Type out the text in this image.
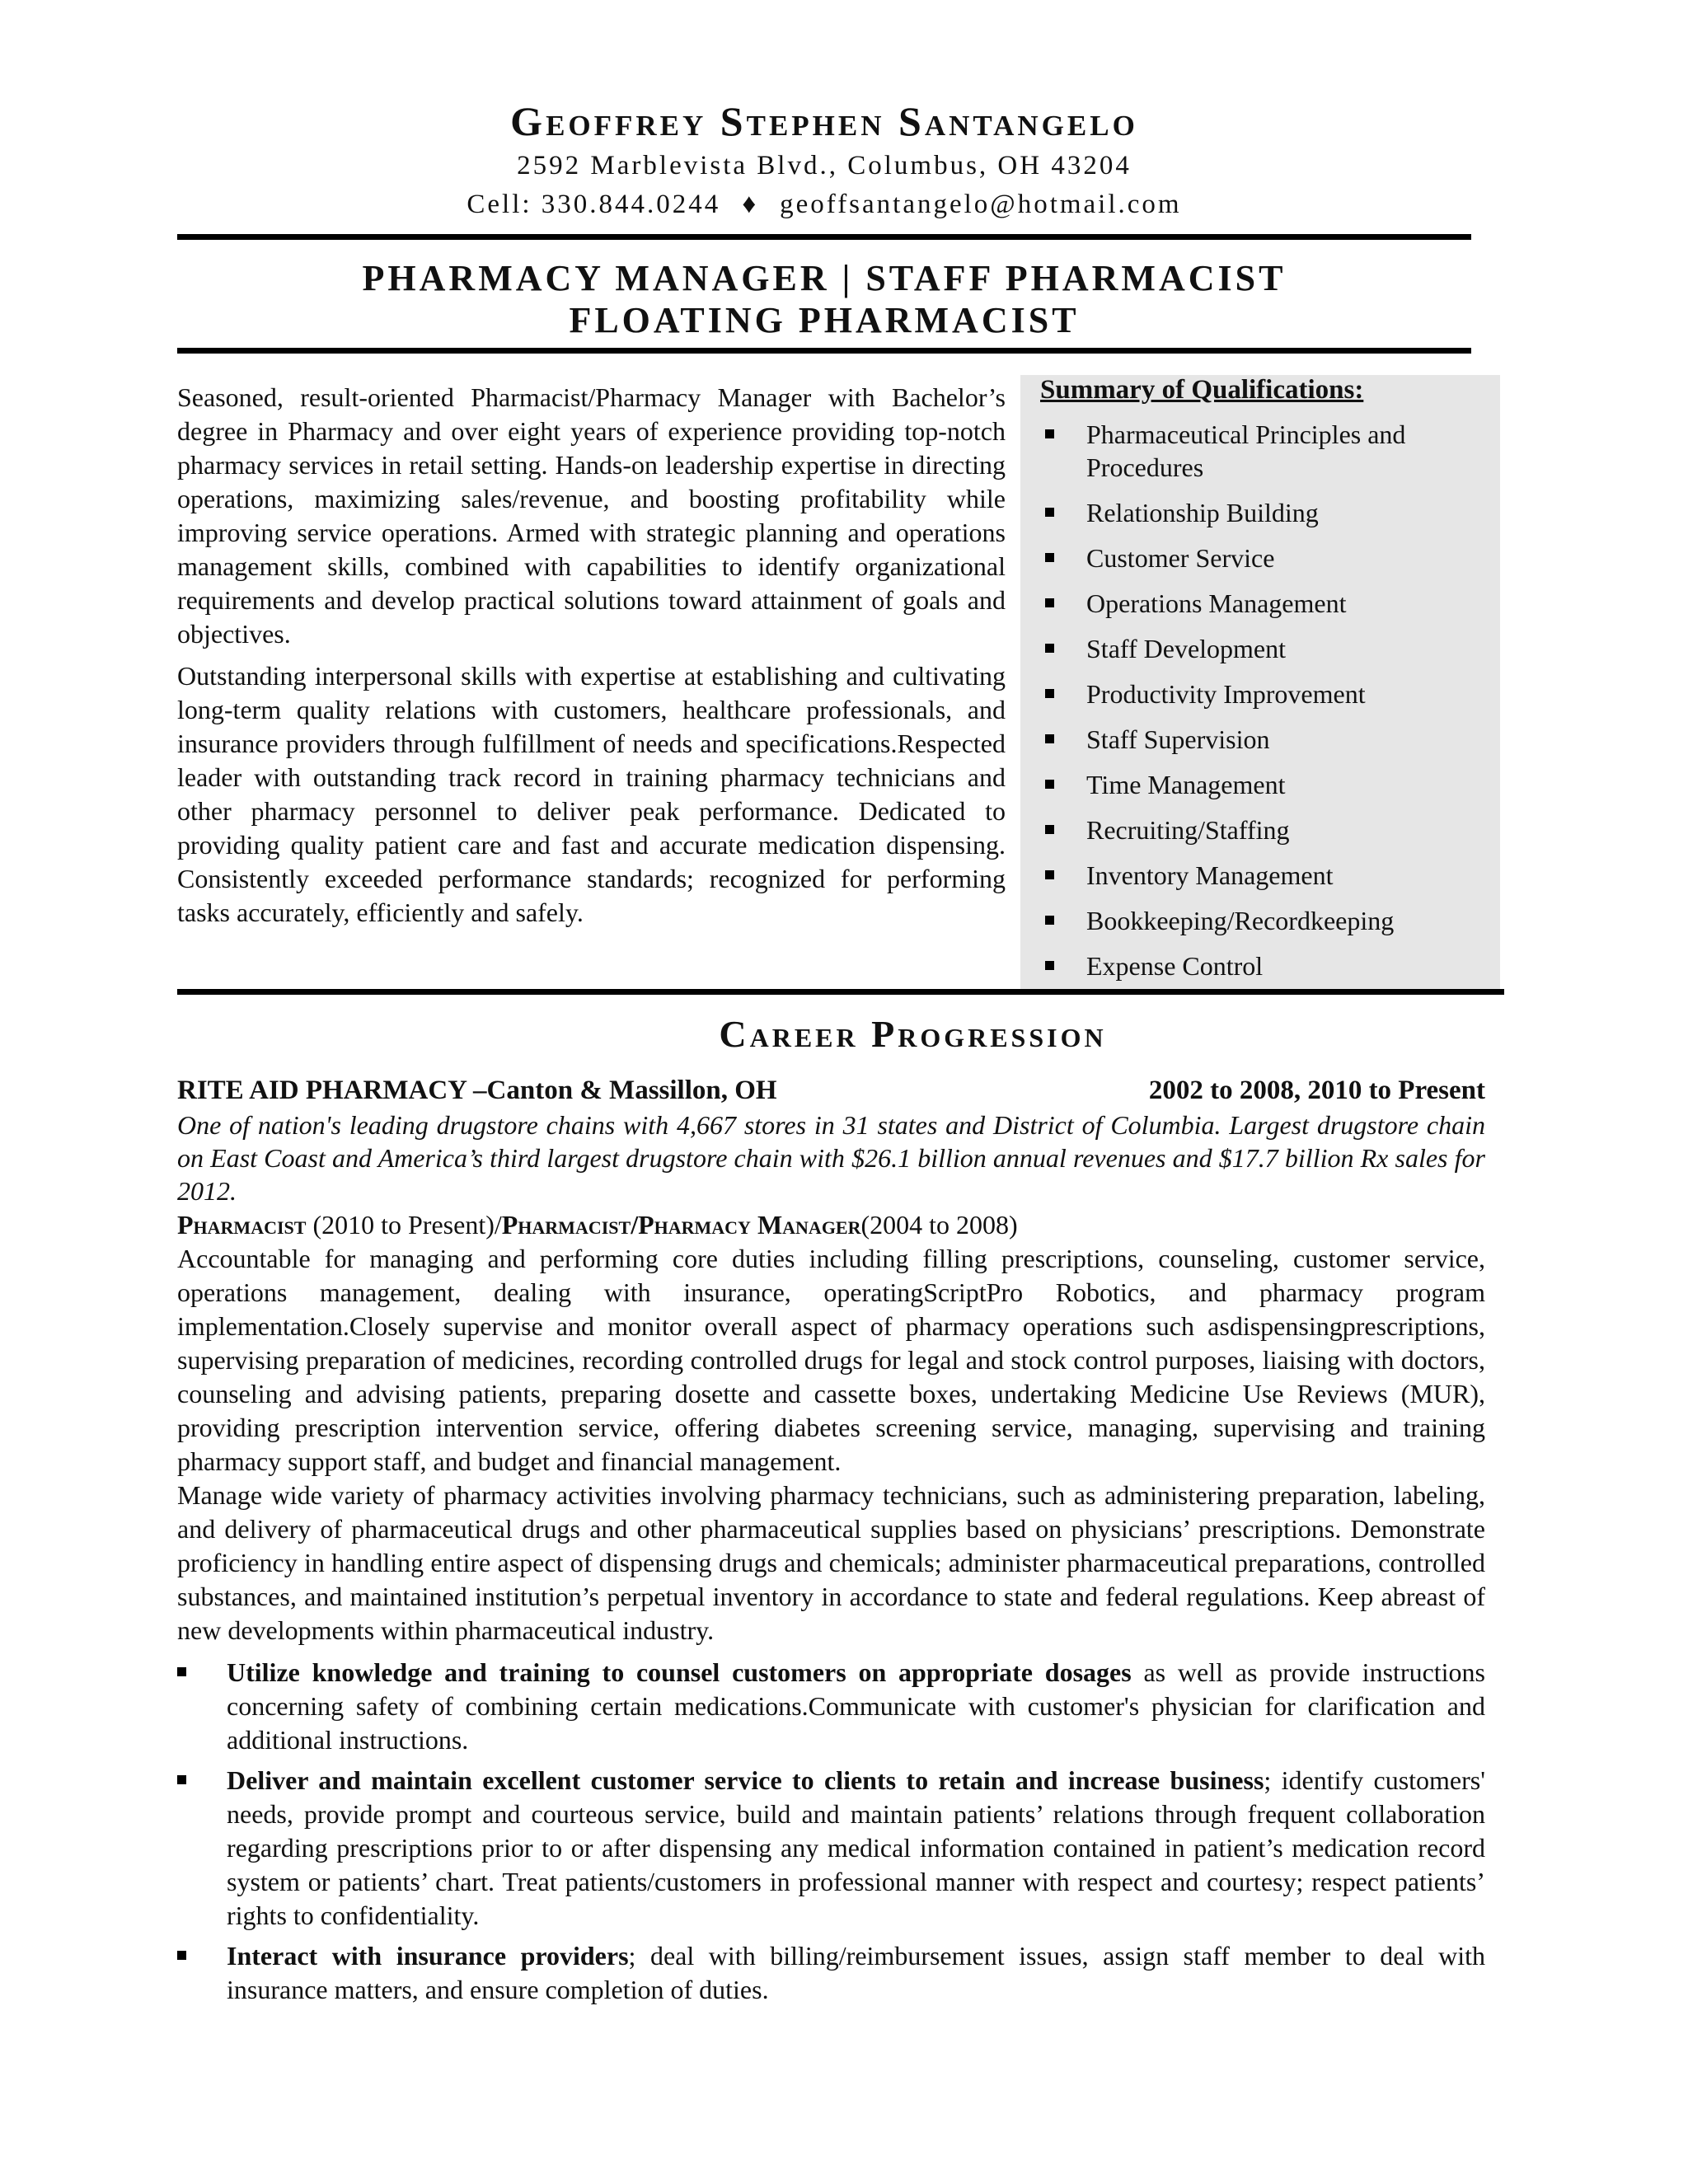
Geoffrey Stephen Santangelo
2592 Marblevista Blvd., Columbus, OH 43204
Cell: 330.844.0244 ♦ geoffsantangelo@hotmail.com
PHARMACY MANAGER | STAFF PHARMACIST
FLOATING PHARMACIST

Seasoned, result-oriented Pharmacist/Pharmacy Manager with Bachelor’s degree in Pharmacy and over eight years of experience providing top-notch pharmacy services in retail setting. Hands-on leadership expertise in directing operations, maximizing sales/revenue, and boosting profitability while improving service operations. Armed with strategic planning and operations management skills, combined with capabilities to identify organizational requirements and develop practical solutions toward attainment of goals and objectives.

Outstanding interpersonal skills with expertise at establishing and cultivating long-term quality relations with customers, healthcare professionals, and insurance providers through fulfillment of needs and specifications.Respected leader with outstanding track record in training pharmacy technicians and other pharmacy personnel to deliver peak performance. Dedicated to providing quality patient care and fast and accurate medication dispensing. Consistently exceeded performance standards; recognized for performing tasks accurately, efficiently and safely.

Summary of Qualifications:
Pharmaceutical Principles and Procedures
Relationship Building
Customer Service
Operations Management
Staff Development
Productivity Improvement
Staff Supervision
Time Management
Recruiting/Staffing
Inventory Management
Bookkeeping/Recordkeeping
Expense Control
Career Progression
RITE AID PHARMACY –Canton & Massillon, OH	2002 to 2008, 2010 to Present
One of nation's leading drugstore chains with 4,667 stores in 31 states and District of Columbia. Largest drugstore chain on East Coast and America’s third largest drugstore chain with $26.1 billion annual revenues and $17.7 billion Rx sales for 2012.
Pharmacist (2010 to Present)/Pharmacist/Pharmacy Manager(2004 to 2008)

Accountable for managing and performing core duties including filling prescriptions, counseling, customer service, operations management, dealing with insurance, operatingScriptPro Robotics, and pharmacy program implementation.Closely supervise and monitor overall aspect of pharmacy operations such asdispensingprescriptions, supervising preparation of medicines, recording controlled drugs for legal and stock control purposes, liaising with doctors, counseling and advising patients, preparing dosette and cassette boxes, undertaking Medicine Use Reviews (MUR), providing prescription intervention service, offering diabetes screening service, managing, supervising and training pharmacy support staff, and budget and financial management.

Manage wide variety of pharmacy activities involving pharmacy technicians, such as administering preparation, labeling, and delivery of pharmaceutical drugs and other pharmaceutical supplies based on physicians’ prescriptions. Demonstrate proficiency in handling entire aspect of dispensing drugs and chemicals; administer pharmaceutical preparations, controlled substances, and maintained institution’s perpetual inventory in accordance to state and federal regulations. Keep abreast of new developments within pharmaceutical industry.

Utilize knowledge and training to counsel customers on appropriate dosages as well as provide instructions concerning safety of combining certain medications.Communicate with customer's physician for clarification and additional instructions.
Deliver and maintain excellent customer service to clients to retain and increase business; identify customers' needs, provide prompt and courteous service, build and maintain patients’ relations through frequent collaboration regarding prescriptions prior to or after dispensing any medical information contained in patient’s medication record system or patients’ chart. Treat patients/customers in professional manner with respect and courtesy; respect patients’ rights to confidentiality.
Interact with insurance providers; deal with billing/reimbursement issues, assign staff member to deal with insurance matters, and ensure completion of duties.
